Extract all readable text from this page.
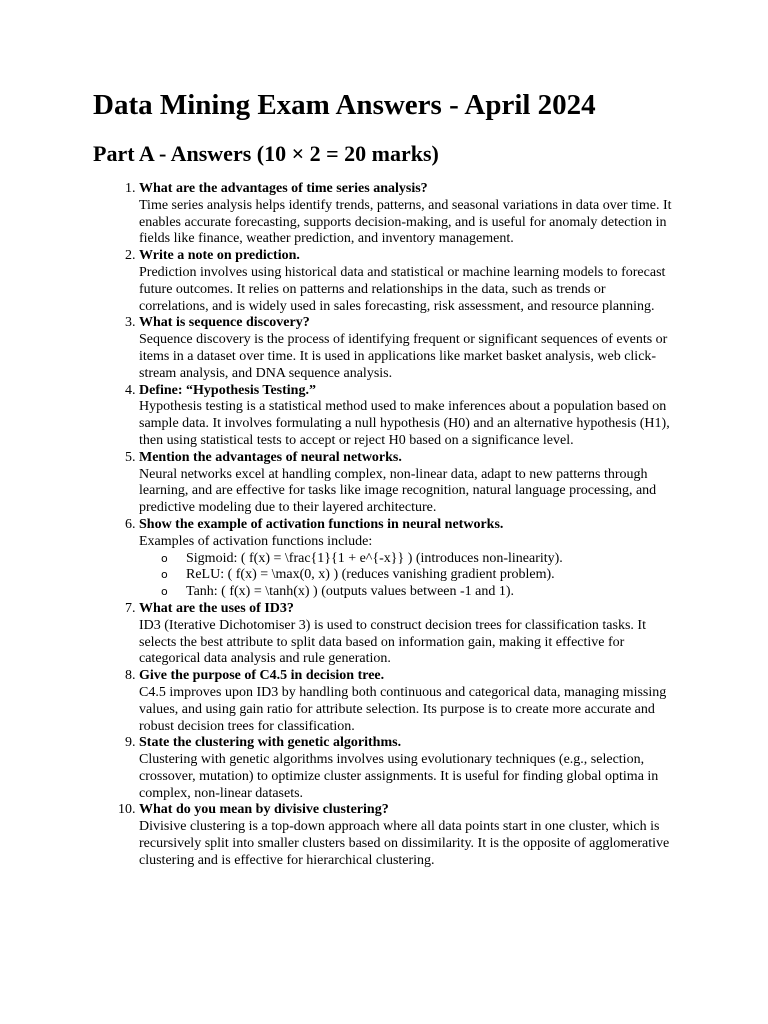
Data Mining Exam Answers - April 2024
Part A - Answers (10 × 2 = 20 marks)
1. What are the advantages of time series analysis?
Time series analysis helps identify trends, patterns, and seasonal variations in data over time. It enables accurate forecasting, supports decision-making, and is useful for anomaly detection in fields like finance, weather prediction, and inventory management.
2. Write a note on prediction.
Prediction involves using historical data and statistical or machine learning models to forecast future outcomes. It relies on patterns and relationships in the data, such as trends or correlations, and is widely used in sales forecasting, risk assessment, and resource planning.
3. What is sequence discovery?
Sequence discovery is the process of identifying frequent or significant sequences of events or items in a dataset over time. It is used in applications like market basket analysis, web click-stream analysis, and DNA sequence analysis.
4. Define: “Hypothesis Testing.”
Hypothesis testing is a statistical method used to make inferences about a population based on sample data. It involves formulating a null hypothesis (H0) and an alternative hypothesis (H1), then using statistical tests to accept or reject H0 based on a significance level.
5. Mention the advantages of neural networks.
Neural networks excel at handling complex, non-linear data, adapt to new patterns through learning, and are effective for tasks like image recognition, natural language processing, and predictive modeling due to their layered architecture.
6. Show the example of activation functions in neural networks.
Examples of activation functions include:
o Sigmoid: ( f(x) = \frac{1}{1 + e^{-x}} ) (introduces non-linearity).
o ReLU: ( f(x) = \max(0, x) ) (reduces vanishing gradient problem).
o Tanh: ( f(x) = \tanh(x) ) (outputs values between -1 and 1).
7. What are the uses of ID3?
ID3 (Iterative Dichotomiser 3) is used to construct decision trees for classification tasks. It selects the best attribute to split data based on information gain, making it effective for categorical data analysis and rule generation.
8. Give the purpose of C4.5 in decision tree.
C4.5 improves upon ID3 by handling both continuous and categorical data, managing missing values, and using gain ratio for attribute selection. Its purpose is to create more accurate and robust decision trees for classification.
9. State the clustering with genetic algorithms.
Clustering with genetic algorithms involves using evolutionary techniques (e.g., selection, crossover, mutation) to optimize cluster assignments. It is useful for finding global optima in complex, non-linear datasets.
10. What do you mean by divisive clustering?
Divisive clustering is a top-down approach where all data points start in one cluster, which is recursively split into smaller clusters based on dissimilarity. It is the opposite of agglomerative clustering and is effective for hierarchical clustering.
